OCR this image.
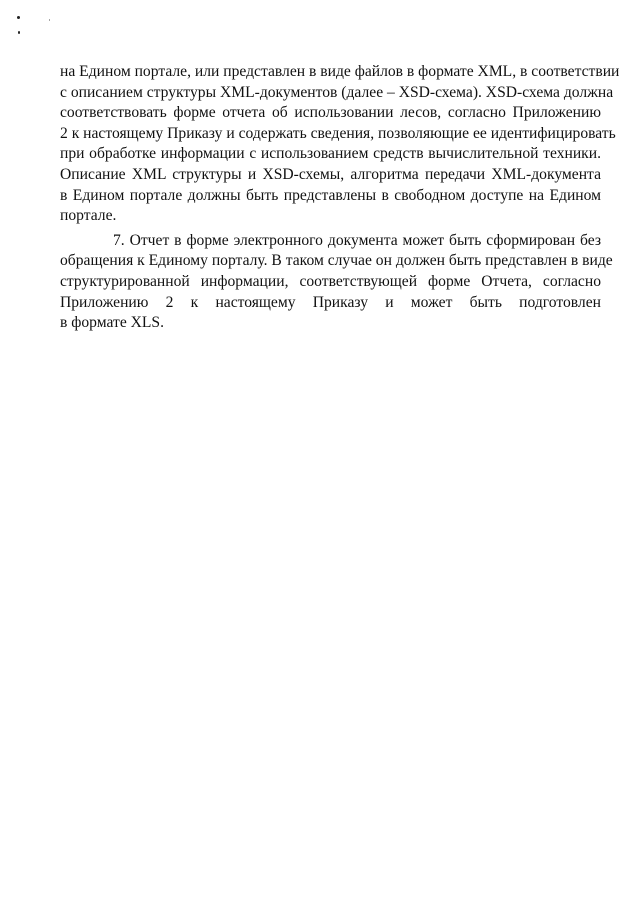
на Едином портале, или представлен в виде файлов в формате XML, в соответствии
с описанием структуры XML-документов (далее – XSD-схема). XSD-схема должна
соответствовать форме отчета об использовании лесов, согласно Приложению
2 к настоящему Приказу и содержать сведения, позволяющие ее идентифицировать
при обработке информации с использованием средств вычислительной техники.
Описание XML структуры и XSD-схемы, алгоритма передачи XML-документа
в Едином портале должны быть представлены в свободном доступе на Едином
портале.
7. Отчет в форме электронного документа может быть сформирован без
обращения к Единому порталу. В таком случае он должен быть представлен в виде
структурированной информации, соответствующей форме Отчета, согласно
Приложению 2 к настоящему Приказу и может быть подготовлен
в формате XLS.
